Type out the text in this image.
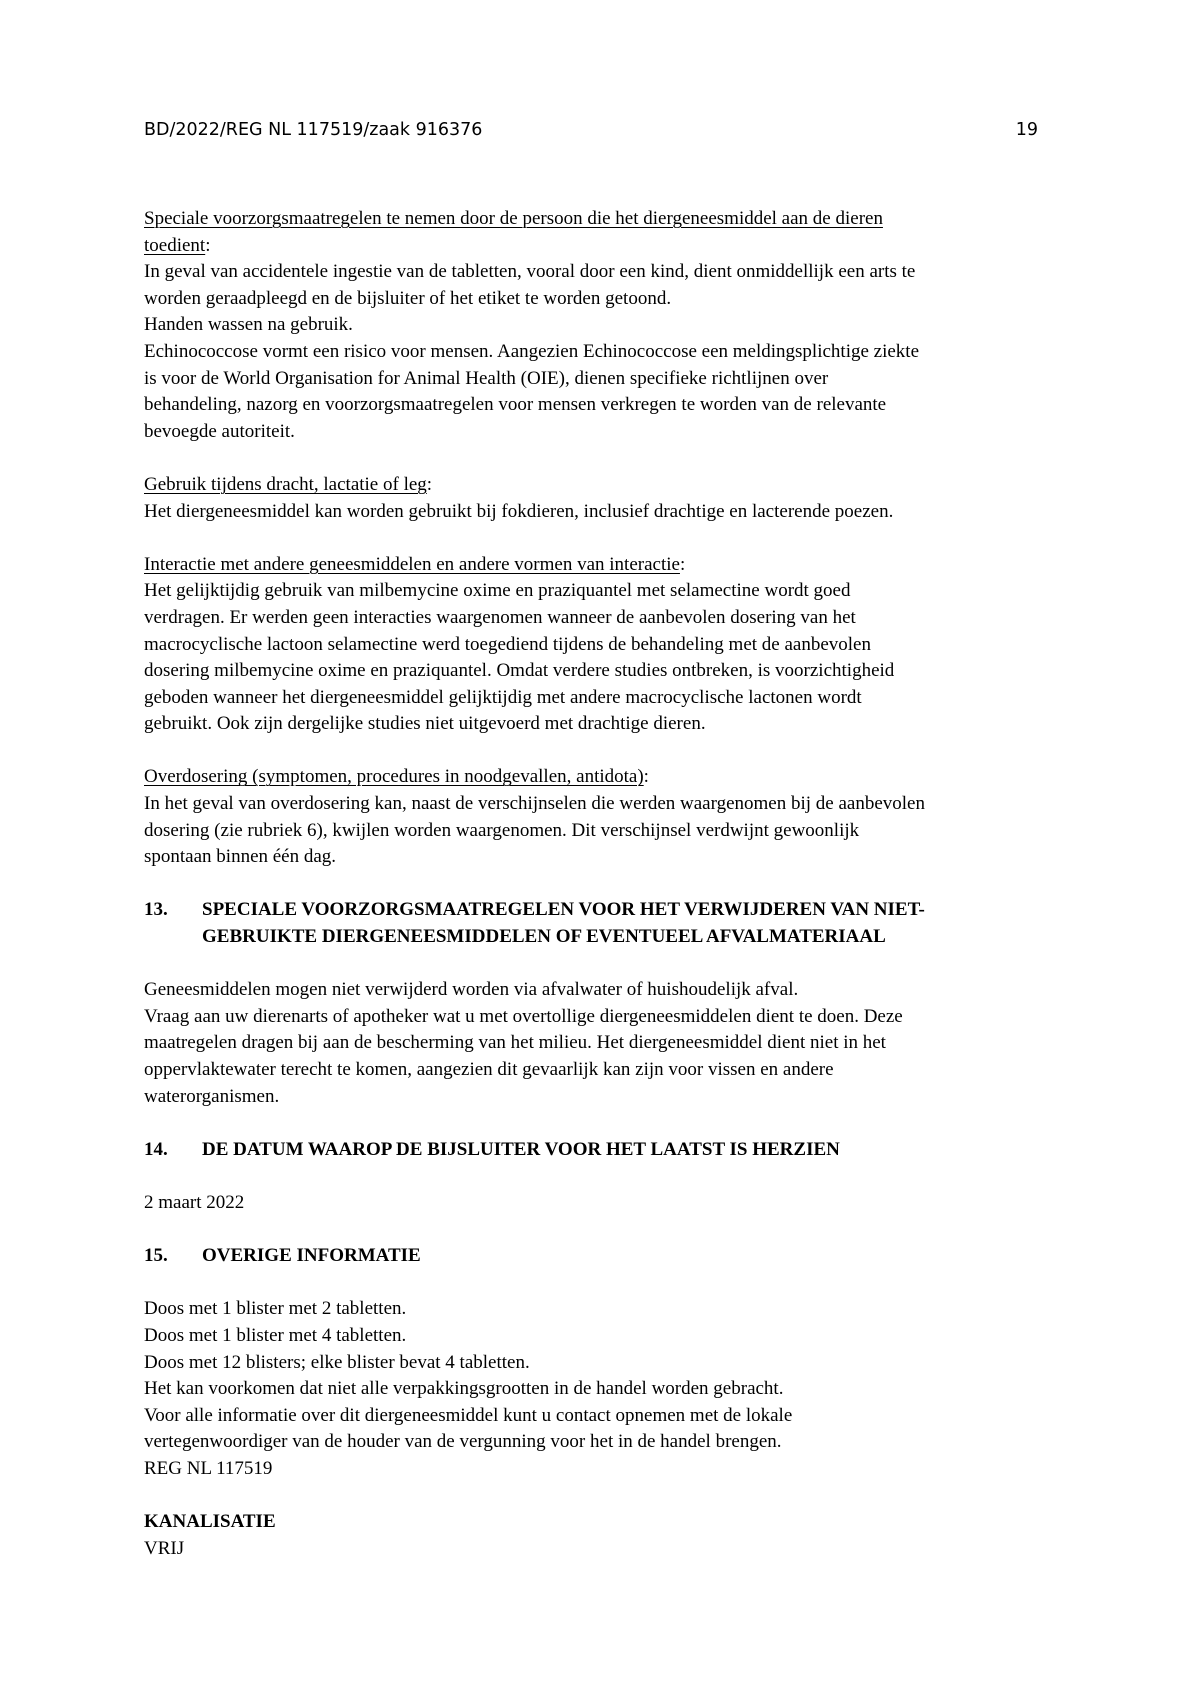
BD/2022/REG NL 117519/zaak 916376	19
Speciale voorzorgsmaatregelen te nemen door de persoon die het diergeneesmiddel aan de dieren
toedient:
In geval van accidentele ingestie van de tabletten, vooral door een kind, dient onmiddellijk een arts te
worden geraadpleegd en de bijsluiter of het etiket te worden getoond.
Handen wassen na gebruik.
Echinococcose vormt een risico voor mensen. Aangezien Echinococcose een meldingsplichtige ziekte
is voor de World Organisation for Animal Health (OIE), dienen specifieke richtlijnen over
behandeling, nazorg en voorzorgsmaatregelen voor mensen verkregen te worden van de relevante
bevoegde autoriteit.
Gebruik tijdens dracht, lactatie of leg:
Het diergeneesmiddel kan worden gebruikt bij fokdieren, inclusief drachtige en lacterende poezen.
Interactie met andere geneesmiddelen en andere vormen van interactie:
Het gelijktijdig gebruik van milbemycine oxime en praziquantel met selamectine wordt goed
verdragen. Er werden geen interacties waargenomen wanneer de aanbevolen dosering van het
macrocyclische lactoon selamectine werd toegediend tijdens de behandeling met de aanbevolen
dosering milbemycine oxime en praziquantel. Omdat verdere studies ontbreken, is voorzichtigheid
geboden wanneer het diergeneesmiddel gelijktijdig met andere macrocyclische lactonen wordt
gebruikt. Ook zijn dergelijke studies niet uitgevoerd met drachtige dieren.
Overdosering (symptomen, procedures in noodgevallen, antidota):
In het geval van overdosering kan, naast de verschijnselen die werden waargenomen bij de aanbevolen
dosering (zie rubriek 6), kwijlen worden waargenomen. Dit verschijnsel verdwijnt gewoonlijk
spontaan binnen één dag.
13.	SPECIALE VOORZORGSMAATREGELEN VOOR HET VERWIJDEREN VAN NIET-
GEBRUIKTE DIERGENEESMIDDELEN OF EVENTUEEL AFVALMATERIAAL
Geneesmiddelen mogen niet verwijderd worden via afvalwater of huishoudelijk afval.
Vraag aan uw dierenarts of apotheker wat u met overtollige diergeneesmiddelen dient te doen. Deze
maatregelen dragen bij aan de bescherming van het milieu. Het diergeneesmiddel dient niet in het
oppervlaktewater terecht te komen, aangezien dit gevaarlijk kan zijn voor vissen en andere
waterorganismen.
14.	DE DATUM WAAROP DE BIJSLUITER VOOR HET LAATST IS HERZIEN
2 maart 2022
15.	OVERIGE INFORMATIE
Doos met 1 blister met 2 tabletten.
Doos met 1 blister met 4 tabletten.
Doos met 12 blisters; elke blister bevat 4 tabletten.
Het kan voorkomen dat niet alle verpakkingsgrootten in de handel worden gebracht.
Voor alle informatie over dit diergeneesmiddel kunt u contact opnemen met de lokale
vertegenwoordiger van de houder van de vergunning voor het in de handel brengen.
REG NL 117519
KANALISATIE
VRIJ
